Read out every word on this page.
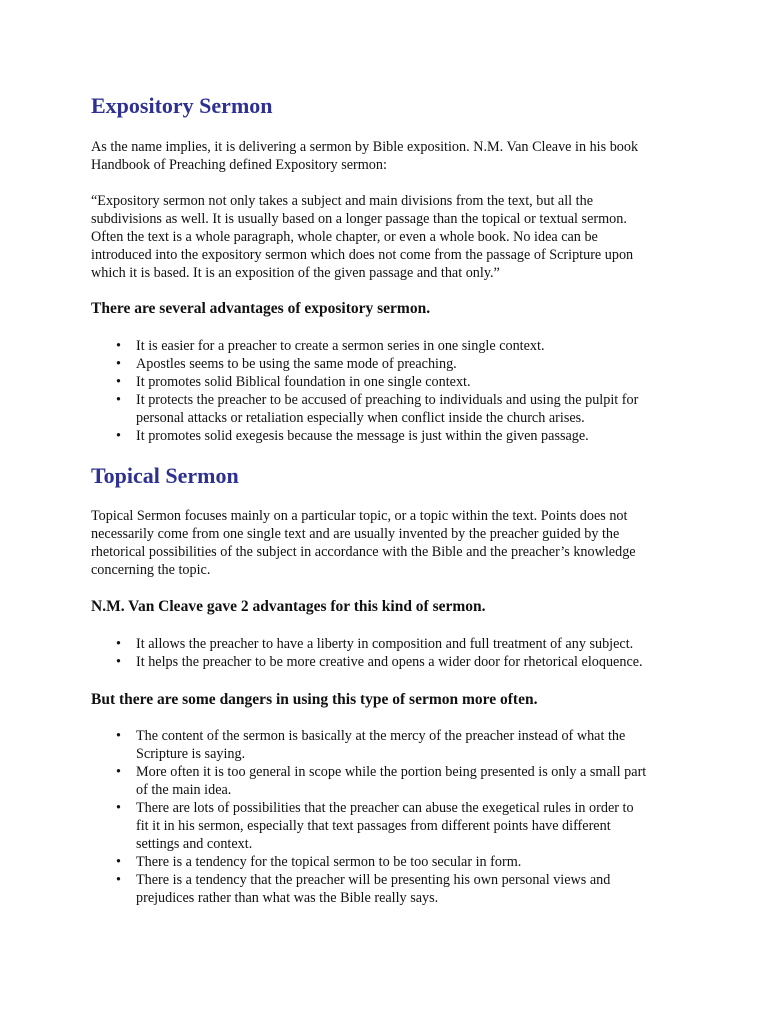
Expository Sermon
As the name implies, it is delivering a sermon by Bible exposition. N.M. Van Cleave in his book
Handbook of Preaching defined Expository sermon:
“Expository sermon not only takes a subject and main divisions from the text, but all the
subdivisions as well. It is usually based on a longer passage than the topical or textual sermon.
Often the text is a whole paragraph, whole chapter, or even a whole book. No idea can be
introduced into the expository sermon which does not come from the passage of Scripture upon
which it is based. It is an exposition of the given passage and that only.”
There are several advantages of expository sermon.
• It is easier for a preacher to create a sermon series in one single context.
• Apostles seems to be using the same mode of preaching.
• It promotes solid Biblical foundation in one single context.
• It protects the preacher to be accused of preaching to individuals and using the pulpit for
personal attacks or retaliation especially when conflict inside the church arises.
• It promotes solid exegesis because the message is just within the given passage.
Topical Sermon
Topical Sermon focuses mainly on a particular topic, or a topic within the text. Points does not
necessarily come from one single text and are usually invented by the preacher guided by the
rhetorical possibilities of the subject in accordance with the Bible and the preacher’s knowledge
concerning the topic.
N.M. Van Cleave gave 2 advantages for this kind of sermon.
• It allows the preacher to have a liberty in composition and full treatment of any subject.
• It helps the preacher to be more creative and opens a wider door for rhetorical eloquence.
But there are some dangers in using this type of sermon more often.
• The content of the sermon is basically at the mercy of the preacher instead of what the
Scripture is saying.
• More often it is too general in scope while the portion being presented is only a small part
of the main idea.
• There are lots of possibilities that the preacher can abuse the exegetical rules in order to
fit it in his sermon, especially that text passages from different points have different
settings and context.
• There is a tendency for the topical sermon to be too secular in form.
• There is a tendency that the preacher will be presenting his own personal views and
prejudices rather than what was the Bible really says.
